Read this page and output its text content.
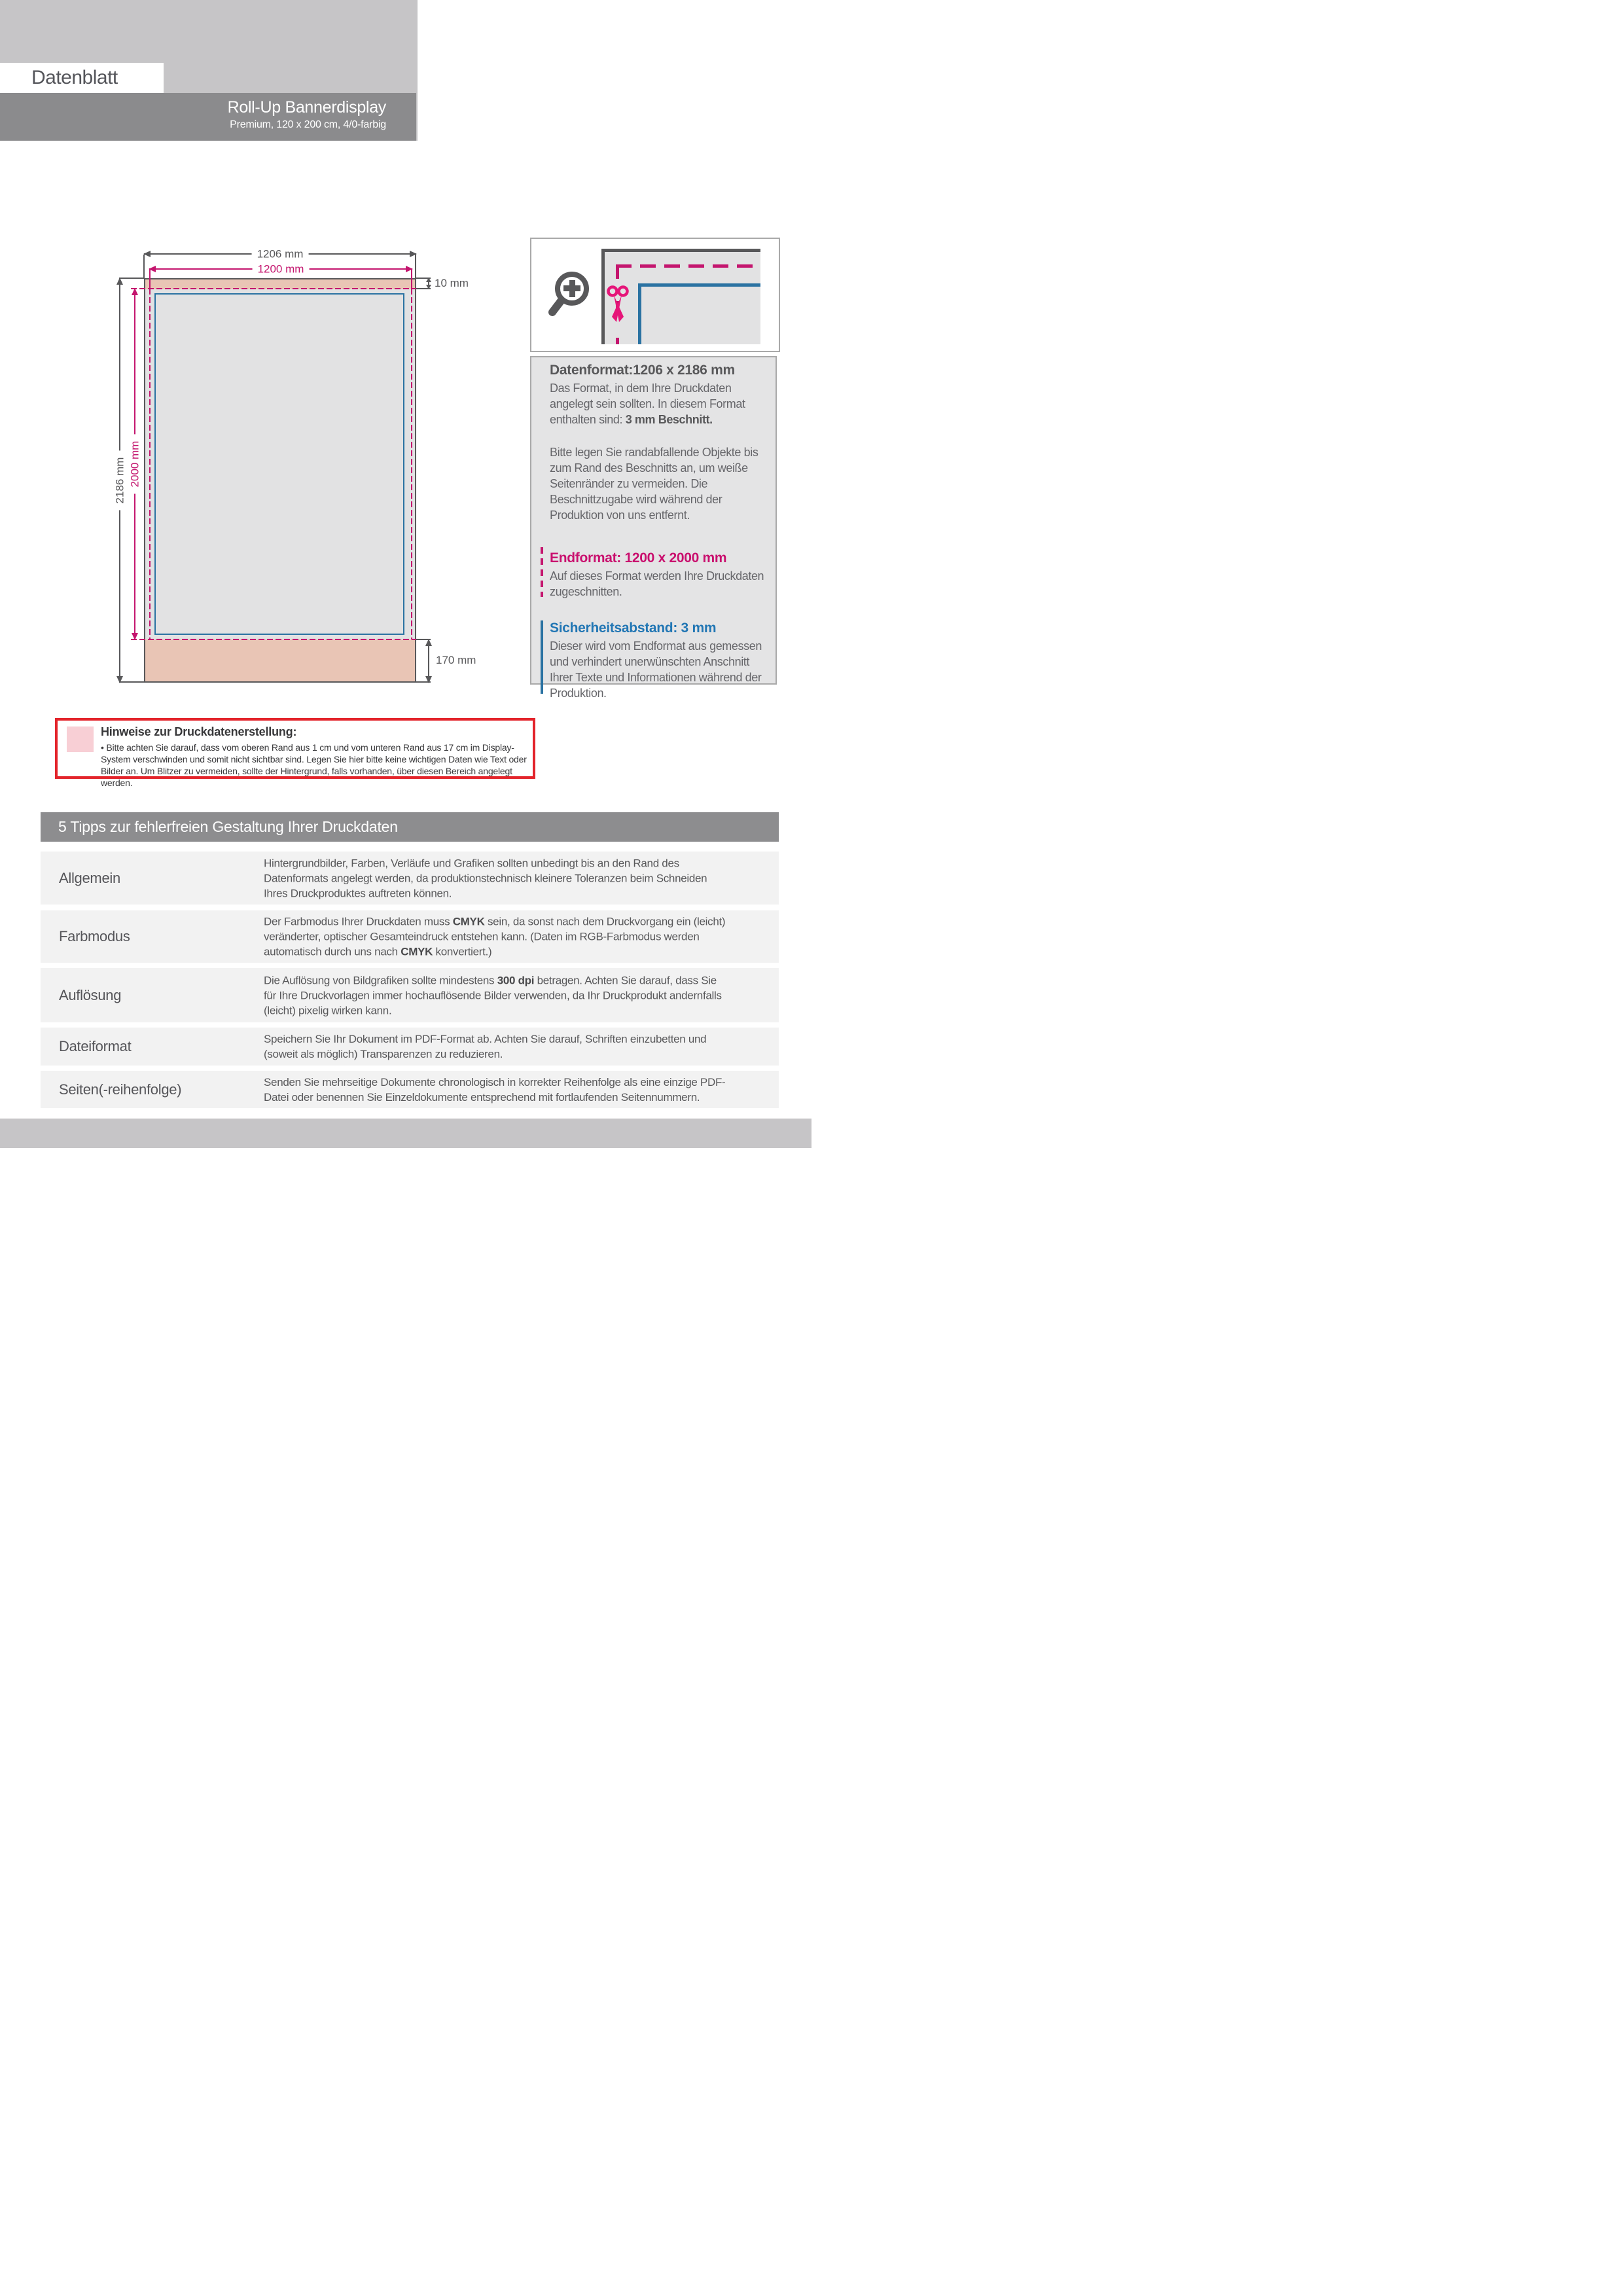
Datenblatt
Roll-Up Bannerdisplay
Premium, 120 x 200 cm, 4/0-farbig
1206 mm
1200 mm
2186 mm 2000 mm
10 mm
170 mm
Datenformat:1206 x 2186 mm
Das Format, in dem Ihre Druckdaten angelegt sein sollten. In diesem Format enthalten sind: 3 mm Beschnitt.
Bitte legen Sie randabfallende Objekte bis zum Rand des Beschnitts an, um weiße Seitenränder zu vermeiden. Die Beschnittzugabe wird während der Produktion von uns entfernt.
Endformat: 1200 x 2000 mm
Auf dieses Format werden Ihre Druckdaten zugeschnitten.
Sicherheitsabstand: 3 mm
Dieser wird vom Endformat aus gemessen und verhindert unerwünschten Anschnitt Ihrer Texte und Informationen während der Produktion.
Hinweise zur Druckdatenerstellung:
• Bitte achten Sie darauf, dass vom oberen Rand aus 1 cm und vom unteren Rand aus 17 cm im Display-System verschwinden und somit nicht sichtbar sind. Legen Sie hier bitte keine wichtigen Daten wie Text oder Bilder an. Um Blitzer zu vermeiden, sollte der Hintergrund, falls vorhanden, über diesen Bereich angelegt werden.
5 Tipps zur fehlerfreien Gestaltung Ihrer Druckdaten
Allgemein
Hintergrundbilder, Farben, Verläufe und Grafiken sollten unbedingt bis an den Rand des Datenformats angelegt werden, da produktionstechnisch kleinere Toleranzen beim Schneiden Ihres Druckproduktes auftreten können.
Farbmodus
Der Farbmodus Ihrer Druckdaten muss CMYK sein, da sonst nach dem Druckvorgang ein (leicht) veränderter, optischer Gesamteindruck entstehen kann. (Daten im RGB-Farbmodus werden automatisch durch uns nach CMYK konvertiert.)
Auflösung
Die Auflösung von Bildgrafiken sollte mindestens 300 dpi betragen. Achten Sie darauf, dass Sie für Ihre Druckvorlagen immer hochauflösende Bilder verwenden, da Ihr Druckprodukt andernfalls (leicht) pixelig wirken kann.
Dateiformat	Speichern Sie Ihr Dokument im PDF-Format ab. Achten Sie darauf, Schriften einzubetten und (soweit als möglich) Transparenzen zu reduzieren.
Seiten(-reihenfolge)	Senden Sie mehrseitige Dokumente chronologisch in korrekter Reihenfolge als eine einzige PDF-Datei oder benennen Sie Einzeldokumente entsprechend mit fortlaufenden Seitennummern.
